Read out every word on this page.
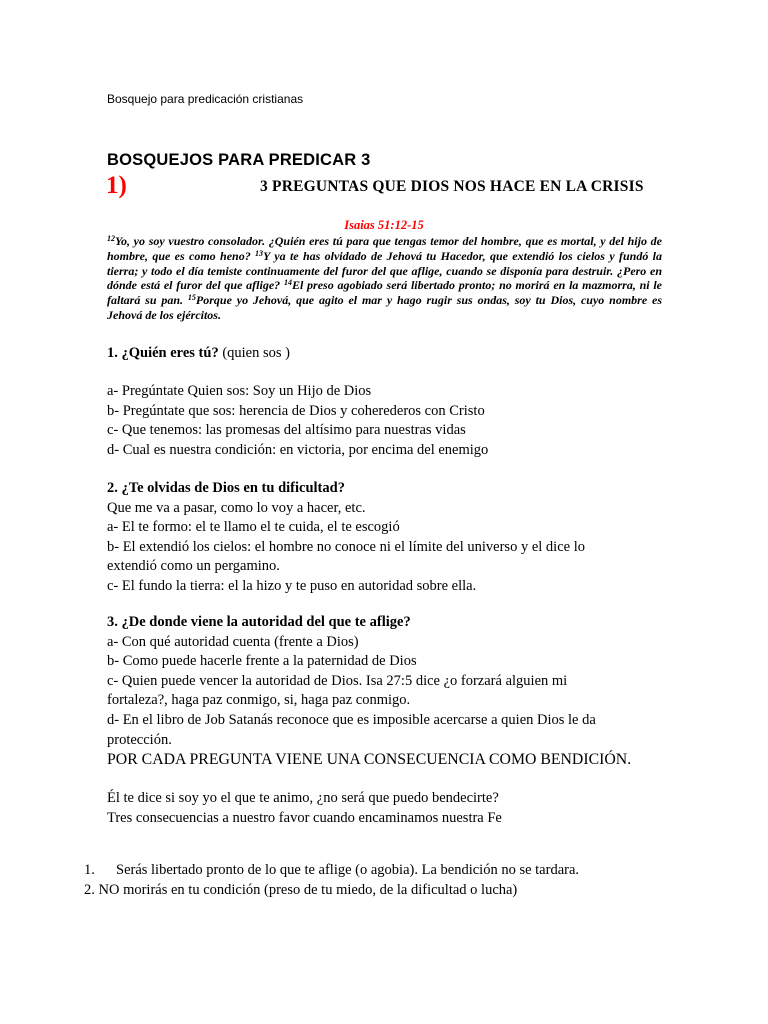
Bosquejo para predicación cristianas
BOSQUEJOS PARA PREDICAR 3
1)	3 PREGUNTAS QUE DIOS NOS HACE EN LA CRISIS
Isaias 51:12-15
$^{12}$Yo, yo soy vuestro consolador. ¿Quién eres tú para que tengas temor del hombre, que es mortal, y del hijo de hombre, que es como heno? $^{13}$Y ya te has olvidado de Jehová tu Hacedor, que extendió los cielos y fundó la tierra; y todo el día temiste continuamente del furor del que aflige, cuando se disponía para destruir. ¿Pero en dónde está el furor del que aflige? $^{14}$El preso agobiado será libertado pronto; no morirá en la mazmorra, ni le faltará su pan. $^{15}$Porque yo Jehová, que agito el mar y hago rugir sus ondas, soy tu Dios, cuyo nombre es Jehová de los ejércitos.
1. ¿Quién eres tú? (quien sos )
a- Pregúntate Quien sos: Soy un Hijo de Dios
b- Pregúntate que sos: herencia de Dios y coherederos con Cristo
c- Que tenemos: las promesas del altísimo para nuestras vidas
d- Cual es nuestra condición: en victoria, por encima del enemigo
2. ¿Te olvidas de Dios en tu dificultad?
Que me va a pasar, como lo voy a hacer, etc.
a- El te formo: el te llamo el te cuida, el te escogió
b- El extendió los cielos: el hombre no conoce ni el límite del universo y el dice lo
extendió como un pergamino.
c- El fundo la tierra: el la hizo y te puso en autoridad sobre ella.
3. ¿De donde viene la autoridad del que te aflige?
a- Con qué autoridad cuenta (frente a Dios)
b- Como puede hacerle frente a la paternidad de Dios
c- Quien puede vencer la autoridad de Dios. Isa 27:5 dice ¿o forzará alguien mi
fortaleza?, haga paz conmigo, si, haga paz conmigo.
d- En el libro de Job Satanás reconoce que es imposible acercarse a quien Dios le da
protección.
POR CADA PREGUNTA VIENE UNA CONSECUENCIA COMO BENDICIÓN.
Él te dice si soy yo el que te animo, ¿no será que puedo bendecirte?
Tres consecuencias a nuestro favor cuando encaminamos nuestra Fe
1. Serás libertado pronto de lo que te aflige (o agobia). La bendición no se tardara.
2. NO morirás en tu condición (preso de tu miedo, de la dificultad o lucha)
